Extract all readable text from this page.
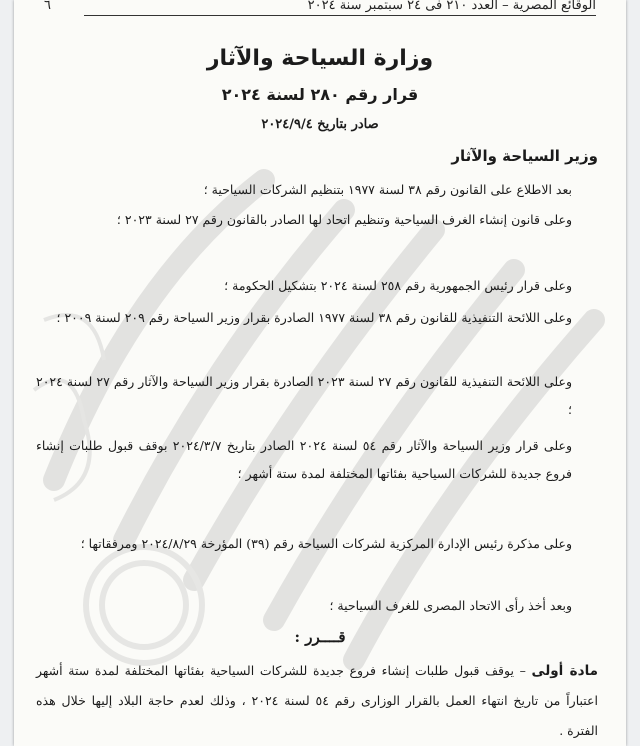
٦	الوقائع المصرية – العدد ٢١٠ فى ٢٤ سبتمبر سنة ٢٠٢٤
وزارة السياحة والآثار
قرار رقم ٢٨٠ لسنة ٢٠٢٤
صادر بتاريخ ٢٠٢٤/٩/٤
وزير السياحة والآثار
بعد الاطلاع على القانون رقم ٣٨ لسنة ١٩٧٧ بتنظيم الشركات السياحية ؛
وعلى قانون إنشاء الغرف السياحية وتنظيم اتحاد لها الصادر بالقانون رقم ٢٧ لسنة ٢٠٢٣ ؛
وعلى قرار رئيس الجمهورية رقم ٢٥٨ لسنة ٢٠٢٤ بتشكيل الحكومة ؛
وعلى اللائحة التنفيذية للقانون رقم ٣٨ لسنة ١٩٧٧ الصادرة بقرار وزير السياحة رقم ٢٠٩ لسنة ٢٠٠٩ ؛
وعلى اللائحة التنفيذية للقانون رقم ٢٧ لسنة ٢٠٢٣ الصادرة بقرار وزير السياحة والآثار رقم ٢٧ لسنة ٢٠٢٤ ؛
وعلى قرار وزير السياحة والآثار رقم ٥٤ لسنة ٢٠٢٤ الصادر بتاريخ ٢٠٢٤/٣/٧ بوقف قبول طلبات إنشاء فروع جديدة للشركات السياحية بفئاتها المختلفة لمدة ستة أشهر ؛
وعلى مذكرة رئيس الإدارة المركزية لشركات السياحة رقم (٣٩) المؤرخة ٢٠٢٤/٨/٢٩ ومرفقاتها ؛
وبعد أخذ رأى الاتحاد المصرى للغرف السياحية ؛
قــــرر :
مادة أولى – يوقف قبول طلبات إنشاء فروع جديدة للشركات السياحية بفئاتها المختلفة لمدة ستة أشهر اعتباراً من تاريخ انتهاء العمل بالقرار الوزارى رقم ٥٤ لسنة ٢٠٢٤ ، وذلك لعدم حاجة البلاد إليها خلال هذه الفترة .
